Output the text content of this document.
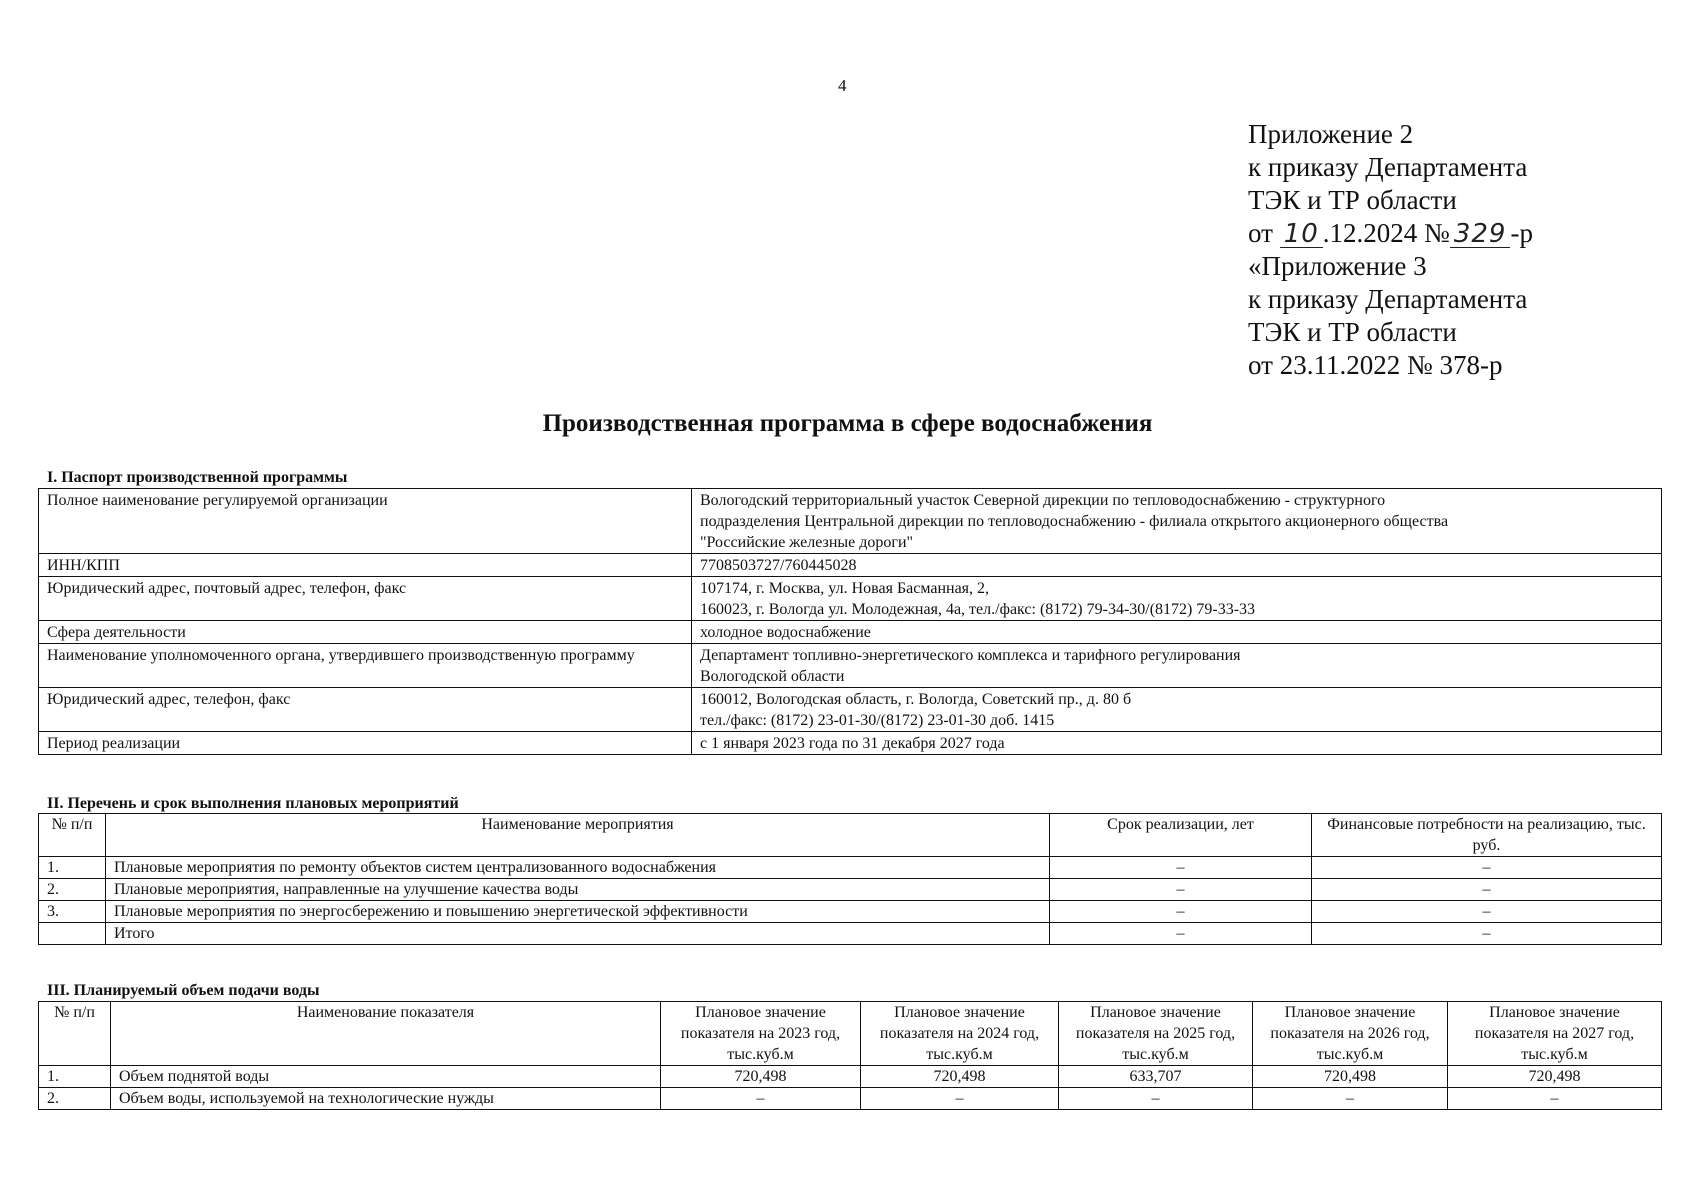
4
Приложение 2
к приказу Департамента
ТЭК и ТР области
от 10 .12.2024 № 329 -р
«Приложение 3
к приказу Департамента
ТЭК и ТР области
от 23.11.2022 № 378-р
Производственная программа в сфере водоснабжения
I. Паспорт производственной программы
Полное наименование регулируемой организации	Вологодский территориальный участок Северной дирекции по тепловодоснабжению - структурного
подразделения Центральной дирекции по тепловодоснабжению - филиала открытого акционерного общества
"Российские железные дороги"

ИНН/КПП	7708503727/760445028

Юридический адрес, почтовый адрес, телефон, факс	107174, г. Москва, ул. Новая Басманная, 2,
160023, г. Вологда ул. Молодежная, 4а, тел./факс: (8172) 79-34-30/(8172) 79-33-33

Сфера деятельности	холодное водоснабжение

Наименование уполномоченного органа, утвердившего производственную программу	Департамент топливно-энергетического комплекса и тарифного регулирования
Вологодской области

Юридический адрес, телефон, факс	160012, Вологодская область, г. Вологда, Советский пр., д. 80 б
тел./факс: (8172) 23-01-30/(8172) 23-01-30 доб. 1415

Период реализации	с 1 января 2023 года по 31 декабря 2027 года
II. Перечень и срок выполнения плановых мероприятий
№ п/п	Наименование мероприятия	Срок реализации, лет	Финансовые потребности на реализацию, тыс. руб.
1.	Плановые мероприятия по ремонту объектов систем централизованного водоснабжения	–	–
2.	Плановые мероприятия, направленные на улучшение качества воды	–	–
3.	Плановые мероприятия по энергосбережению и повышению энергетической эффективности	–	–
	Итого	–	–
III. Планируемый объем подачи воды
№ п/п	Наименование показателя	Плановое значение показателя на 2023 год, тыс.куб.м	Плановое значение показателя на 2024 год, тыс.куб.м	Плановое значение показателя на 2025 год, тыс.куб.м	Плановое значение показателя на 2026 год, тыс.куб.м	Плановое значение показателя на 2027 год, тыс.куб.м
1.	Объем поднятой воды	720,498	720,498	633,707	720,498	720,498
2.	Объем воды, используемой на технологические нужды	–	–	–	–	–
